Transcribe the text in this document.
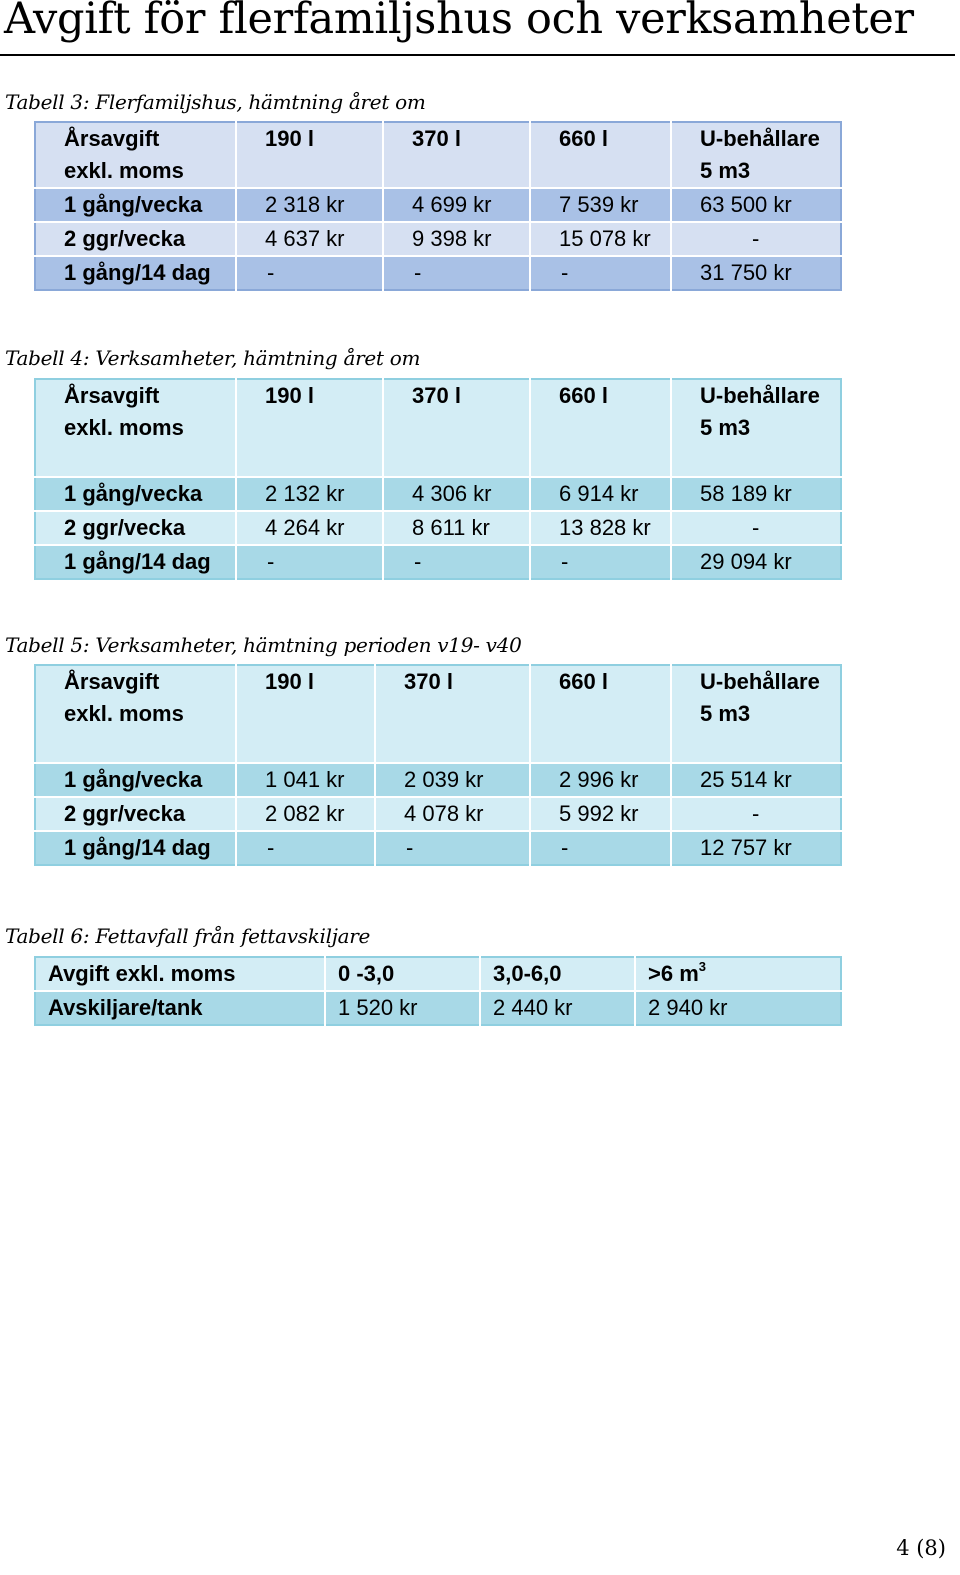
Avgift för flerfamiljshus och verksamheter
Tabell 3: Flerfamiljshus, hämtning året om
Årsavgift
exkl. moms	190 l	370 l	660 l	U-behållare
5 m3
1 gång/vecka	2 318 kr	4 699 kr	7 539 kr	63 500 kr
2 ggr/vecka	4 637 kr	9 398 kr	15 078 kr	-
1 gång/14 dag	-	-	-	31 750 kr
Tabell 4: Verksamheter, hämtning året om
Årsavgift
exkl. moms	190 l	370 l	660 l	U-behållare
5 m3
1 gång/vecka	2 132 kr	4 306 kr	6 914 kr	58 189 kr
2 ggr/vecka	4 264 kr	8 611 kr	13 828 kr	-
1 gång/14 dag	-	-	-	29 094 kr
Tabell 5: Verksamheter, hämtning perioden v19- v40
Årsavgift
exkl. moms	190 l	370 l	660 l	U-behållare
5 m3
1 gång/vecka	1 041 kr	2 039 kr	2 996 kr	25 514 kr
2 ggr/vecka	2 082 kr	4 078 kr	5 992 kr	-
1 gång/14 dag	-	-	-	12 757 kr
Tabell 6: Fettavfall från fettavskiljare
Avgift exkl. moms	0 -3,0	3,0-6,0	>6 $m^3$
Avskiljare/tank	1 520 kr	2 440 kr	2 940 kr
4 (8)
